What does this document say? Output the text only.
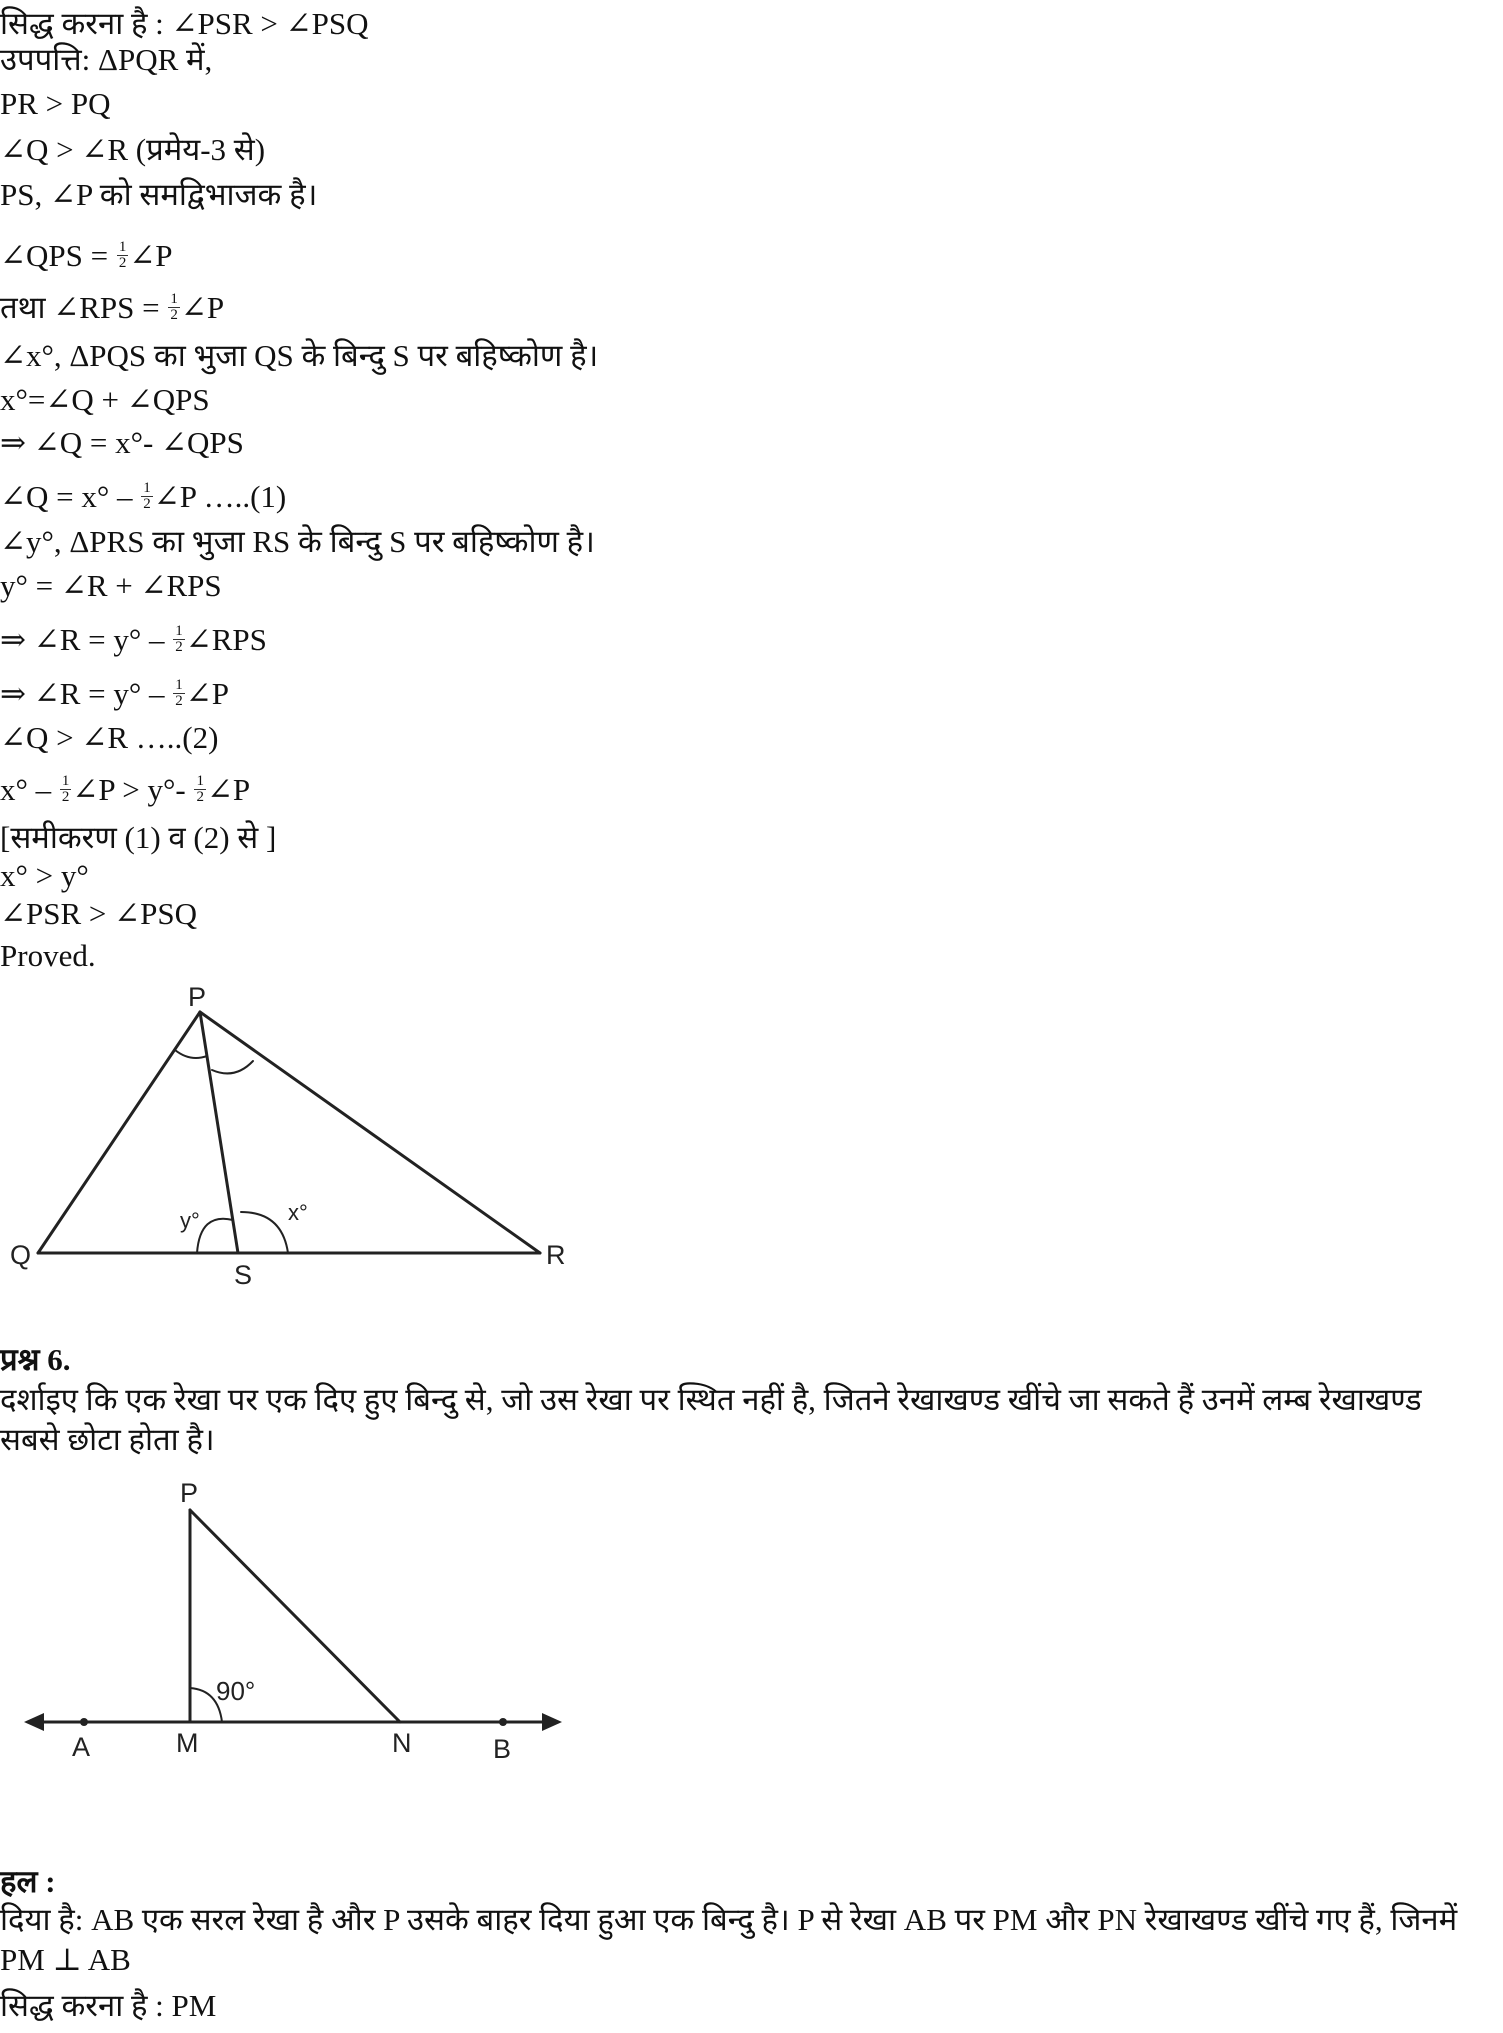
सिद्ध करना है : ∠PSR > ∠PSQ
उपपत्ति: ΔPQR में,
PR > PQ
∠Q > ∠R (प्रमेय-3 से)
PS, ∠P को समद्विभाजक है।
∠QPS = $\frac{1}{2}$ ∠P
तथा ∠RPS = $\frac{1}{2}$ ∠P
∠x°, ΔPQS का भुजा QS के बिन्दु S पर बहिष्कोण है।
x°=∠Q + ∠QPS
⇒ ∠Q = x°- ∠QPS
∠Q = $x^\circ - \frac{1}{2}$ ∠P …..(1)
∠y°, ΔPRS का भुजा RS के बिन्दु S पर बहिष्कोण है।
y° = ∠R + ∠RPS
⇒ ∠R = $y^\circ - \frac{1}{2}$ ∠RPS
⇒ ∠R = $y^\circ - \frac{1}{2}$ ∠P
∠Q > ∠R …..(2)
$x^\circ - \frac{1}{2}$ ∠P > $y^\circ- \frac{1}{2}$ ∠P
[समीकरण (1) व (2) से ]
x° > y°
∠PSR > ∠PSQ
Proved.
P
Q	R
S
y°	x°
प्रश्न 6.
दर्शाइए कि एक रेखा पर एक दिए हुए बिन्दु से, जो उस रेखा पर स्थित नहीं है, जितने रेखाखण्ड खींचे जा सकते हैं उनमें लम्ब रेखाखण्ड सबसे छोटा होता है।
P
A	M	N	B
90°
हल :
दिया है: AB एक सरल रेखा है और P उसके बाहर दिया हुआ एक बिन्दु है। P से रेखा AB पर PM और PN रेखाखण्ड खींचे गए हैं, जिनमें PM ⊥ AB
सिद्ध करना है : PM
